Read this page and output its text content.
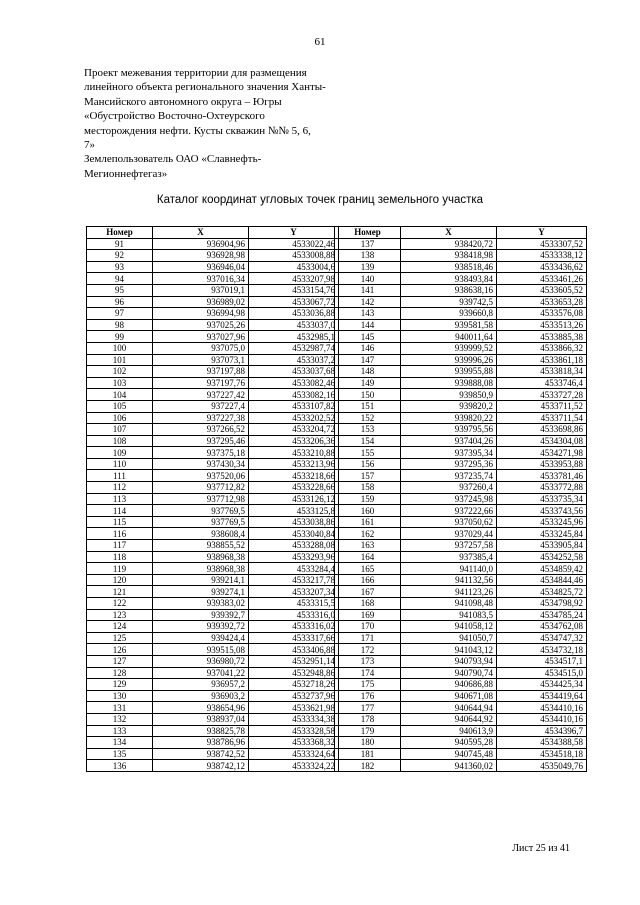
61
Проект межевания территории для размещения
линейного объекта регионального значения Ханты-
Мансийского автономного округа – Югры
«Обустройство Восточно-Охтеурского
месторождения нефти. Кусты скважин №№ 5, 6,
7»
Землепользователь ОАО «Славнефть-
Мегионнефтегаз»
Каталог координат угловых точек границ земельного участка
Номер	X	Y
91	936904,96	4533022,46
92	936928,98	4533008,88
93	936946,04	4533004,6
94	937016,34	4533207,98
95	937019,1	4533154,76
96	936989,02	4533067,72
97	936994,98	4533036,88
98	937025,26	4533037,0
99	937027,96	4532985,1
100	937075,0	4532987,74
101	937073,1	4533037,2
102	937197,88	4533037,68
103	937197,76	4533082,46
104	937227,42	4533082,16
105	937227,4	4533107,82
106	937227,38	4533202,52
107	937266,52	4533204,72
108	937295,46	4533206,36
109	937375,18	4533210,88
110	937430,34	4533213,96
111	937520,06	4533218,66
112	937712,82	4533228,66
113	937712,98	4533126,12
114	937769,5	4533125,8
115	937769,5	4533038,86
116	938608,4	4533040,84
117	938855,52	4533288,08
118	938968,38	4533293,96
119	938968,38	4533284,4
120	939214,1	4533217,78
121	939274,1	4533207,34
122	939383,02	4533315,5
123	939392,7	4533316,0
124	939392,72	4533316,02
125	939424,4	4533317,66
126	939515,08	4533406,88
127	936980,72	4532951,14
128	937041,22	4532948,86
129	936957,2	4532718,26
130	936903,2	4532737,96
131	938654,96	4533621,98
132	938937,04	4533334,38
133	938825,78	4533328,58
134	938786,96	4533368,32
135	938742,52	4533324,64
136	938742,12	4533324,22
Номер	X	Y
137	938420,72	4533307,52
138	938418,98	4533338,12
139	938518,46	4533436,62
140	938493,84	4533461,26
141	938638,16	4533605,52
142	939742,5	4533653,28
143	939660,8	4533576,08
144	939581,58	4533513,26
145	940011,64	4533885,38
146	939999,52	4533866,32
147	939996,26	4533861,18
148	939955,88	4533818,34
149	939888,08	4533746,4
150	939850,9	4533727,28
151	939820,2	4533711,52
152	939820,22	4533711,54
153	939795,56	4533698,86
154	937404,26	4534304,08
155	937395,34	4534271,98
156	937295,36	4533953,88
157	937235,74	4533781,46
158	937260,4	4533772,88
159	937245,98	4533735,34
160	937222,66	4533743,56
161	937050,62	4533245,96
162	937029,44	4533245,84
163	937257,58	4533905,84
164	937385,4	4534252,58
165	941140,0	4534859,42
166	941132,56	4534844,46
167	941123,26	4534825,72
168	941098,48	4534798,92
169	941083,5	4534785,24
170	941058,12	4534762,08
171	941050,7	4534747,32
172	941043,12	4534732,18
173	940793,94	4534517,1
174	940790,74	4534515,0
175	940686,88	4534425,34
176	940671,08	4534419,64
177	940644,94	4534410,16
178	940644,92	4534410,16
179	940613,9	4534396,7
180	940595,28	4534388,58
181	940745,48	4534518,18
182	941360,02	4535049,76
Лист 25 из 41
